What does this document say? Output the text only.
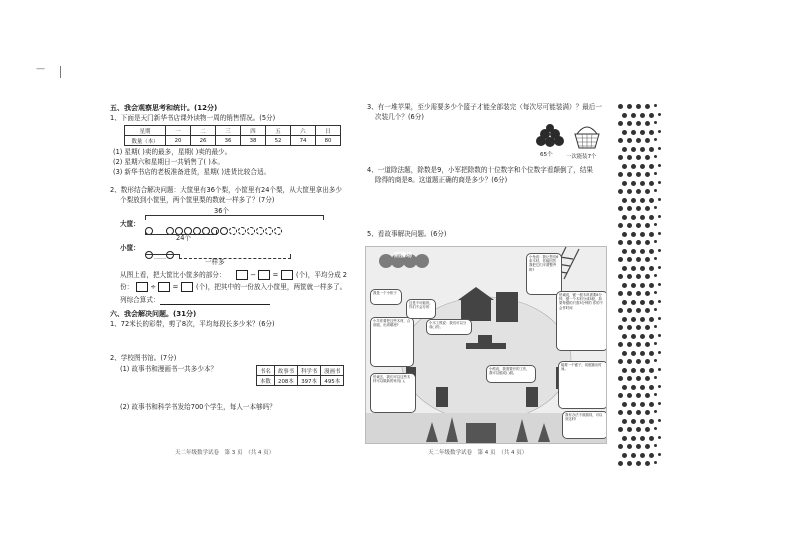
—
五、我会观察思考和统计。(12分)
1、下面是天门新华书店课外读物一周的销售情况。(5分)
星期	一	二	三	四	五	六	日
数量（本）	20	26	36	38	52	74	80
(1) 星期( )卖的最多，星期( )卖的最少。
(2) 星期六和星期日一共销售了( )本。
(3) 新华书店的老板准备进货，星期( )进货比较合适。
2、数形结合解决问题：大筐里有36个梨，小筐里有24个梨，从大筐里拿出多少
个梨放到小筐里，两个筐里梨的数就一样多了？(7分)
36个
大筐：
……
24个
小筐：
……
一样多
从图上看，把大筐比小筐多的部分：	−  =	(个)，平均分成 2
份：	÷  =	(个)，把其中的一份放入小筐里，两筐就一样多了。
列综合算式：
六、我会解决问题。(31分)
1、72米长的彩带，剪了8次，平均每段长多少米？(6分)
2、学校图书馆。(7分)
(1) 故事书和漫画书一共多少本？	书名	故事书	科学书	漫画书
本数	208本	397本	495本
(2) 故事书和科学书发给700个学生，每人一本够吗？
天二年级数学试卷　第 3 页　（共 4 页）
3、有一堆苹果，至少需要多少个篮子才能全部装完（每次尽可能装满）？最后一
次装几个？(6分)
65个 一次能装7个
4、一道除法题，除数是9，小军把除数的十位数字和个位数字看颠倒了，结果
除得的商是8。这道题正确的商是多少？(6分)
5、看故事解决问题。(6分)
割猪场	小兔说：我让您们6条木材，你能回答我把它们平滑整齐吗?
我是一个小柜子
小羊你要把这些木材，合用剧，出到哪里?
这是不可能的，你们不会办的
伯诚说，锯一根木料需要8分钟，锯一个木料分成5段，如果每锯的只需3分钟的 你的不会作时间
小木工熊说：我们可以分成( )份。
小熊说，我需要开的工作，我可以锯成( )段。
能要一个锯子，切锯割出时间。
伯诚去，我们可以这些木材可以做新的家具( )。
我有办法不被割到，可以到这时!
天二年级数学试卷　第 4 页　（共 4 页）
